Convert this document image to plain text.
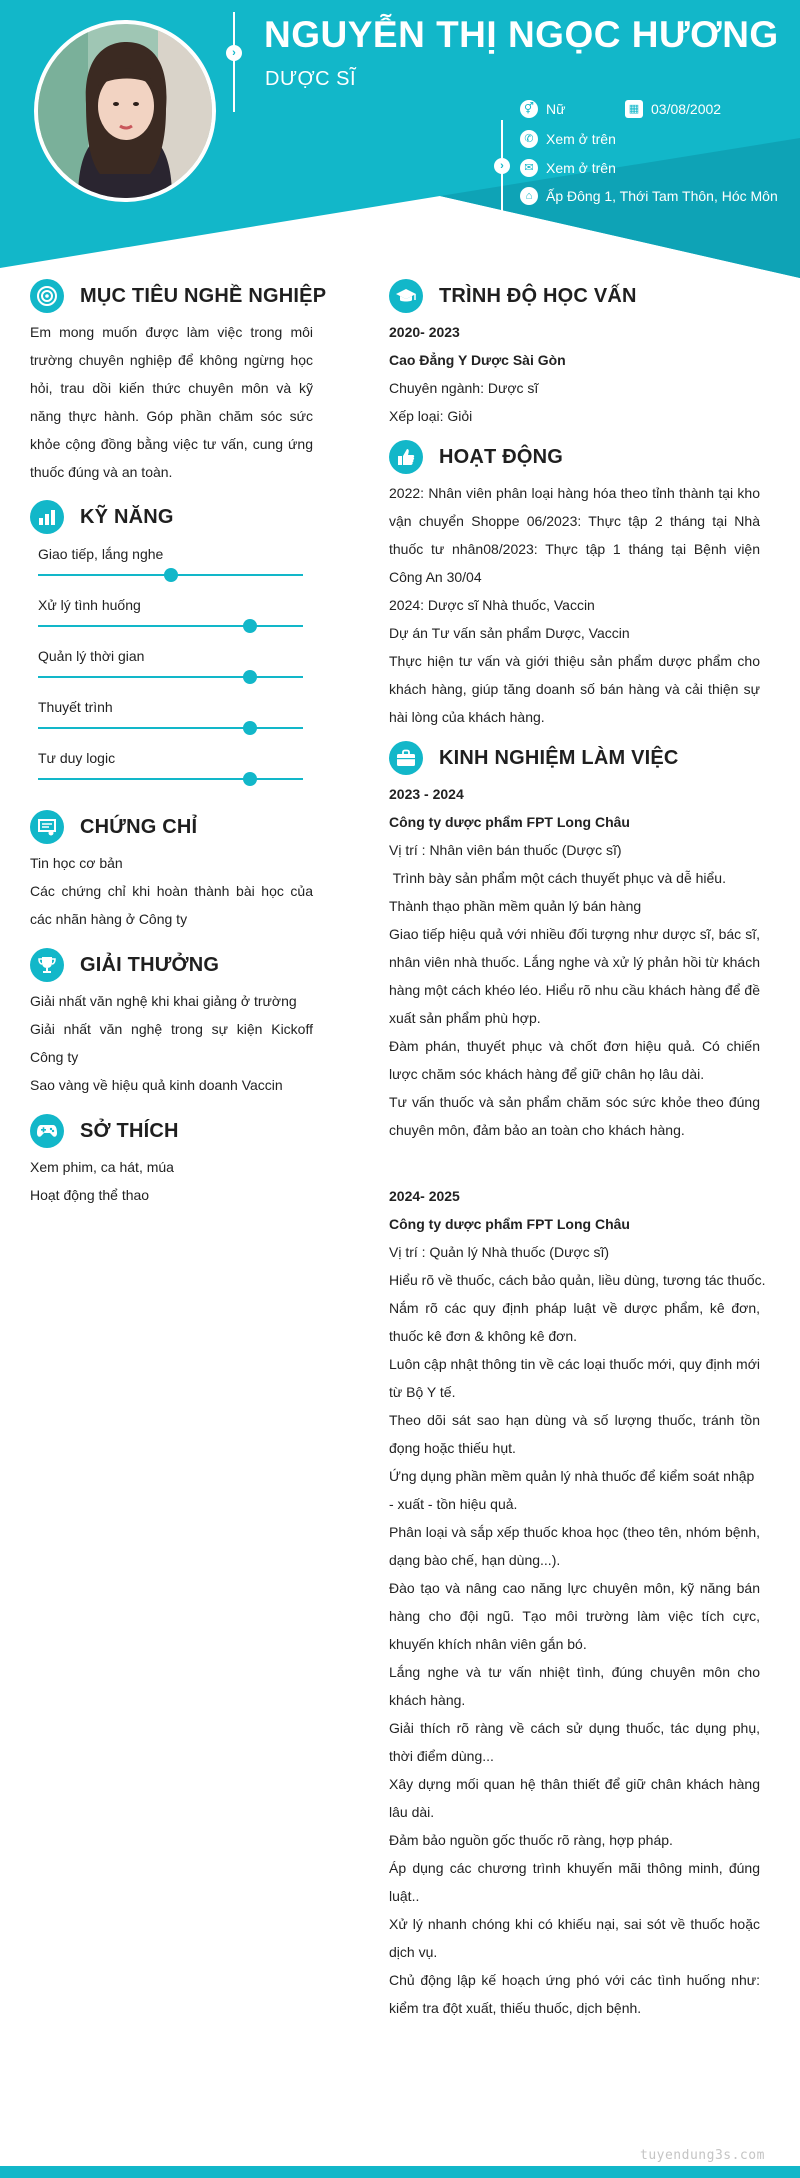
› NGUYỄN THỊ NGỌC HƯƠNG
DƯỢC SĨ
›
⚥ Nữ	▦ 03/08/2002
✆ Xem ở trên
✉ Xem ở trên
⌂ Ấp Đông 1, Thới Tam Thôn, Hóc Môn
MỤC TIÊU NGHỀ NGHIỆP
Em mong muốn được làm việc trong môi trường chuyên nghiệp để không ngừng học hỏi, trau dồi kiến thức chuyên môn và kỹ năng thực hành. Góp phần chăm sóc sức khỏe cộng đồng bằng việc tư vấn, cung ứng thuốc đúng và an toàn.
KỸ NĂNG
Giao tiếp, lắng nghe
Xử lý tình huống
Quản lý thời gian
Thuyết trình
Tư duy logic
CHỨNG CHỈ
Tin học cơ bản
Các chứng chỉ khi hoàn thành bài học của các nhãn hàng ở Công ty
GIẢI THƯỞNG
Giải nhất văn nghệ khi khai giảng ở trường
Giải nhất văn nghệ trong sự kiện Kickoff Công ty
Sao vàng về hiệu quả kinh doanh Vaccin
SỞ THÍCH
Xem phim, ca hát, múa
Hoạt động thể thao
TRÌNH ĐỘ HỌC VẤN
2020- 2023
Cao Đẳng Y Dược Sài Gòn
Chuyên ngành: Dược sĩ
Xếp loại: Giỏi
HOẠT ĐỘNG
2022: Nhân viên phân loại hàng hóa theo tỉnh thành tại kho vận chuyển Shoppe 06/2023: Thực tập 2 tháng tại Nhà thuốc tư nhân08/2023: Thực tập 1 tháng tại Bệnh viện Công An 30/04
2024: Dược sĩ Nhà thuốc, Vaccin
Dự án Tư vấn sản phẩm Dược, Vaccin
Thực hiện tư vấn và giới thiệu sản phẩm dược phẩm cho khách hàng, giúp tăng doanh số bán hàng và cải thiện sự hài lòng của khách hàng.
KINH NGHIỆM LÀM VIỆC
2023 - 2024
Công ty dược phẩm FPT Long Châu
Vị trí : Nhân viên bán thuốc (Dược sĩ)
Trình bày sản phẩm một cách thuyết phục và dễ hiểu.
Thành thạo phần mềm quản lý bán hàng
Giao tiếp hiệu quả với nhiều đối tượng như dược sĩ, bác sĩ, nhân viên nhà thuốc. Lắng nghe và xử lý phản hồi từ khách hàng một cách khéo léo. Hiểu rõ nhu cầu khách hàng để đề xuất sản phẩm phù hợp.
Đàm phán, thuyết phục và chốt đơn hiệu quả. Có chiến lược chăm sóc khách hàng để giữ chân họ lâu dài.
Tư vấn thuốc và sản phẩm chăm sóc sức khỏe theo đúng chuyên môn, đảm bảo an toàn cho khách hàng.
2024- 2025
Công ty dược phẩm FPT Long Châu
Vị trí : Quản lý Nhà thuốc (Dược sĩ)
Hiểu rõ về thuốc, cách bảo quản, liều dùng, tương tác thuốc.
Nắm rõ các quy định pháp luật về dược phẩm, kê đơn, thuốc kê đơn & không kê đơn.
Luôn cập nhật thông tin về các loại thuốc mới, quy định mới từ Bộ Y tế.
Theo dõi sát sao hạn dùng và số lượng thuốc, tránh tồn đọng hoặc thiếu hụt.
Ứng dụng phần mềm quản lý nhà thuốc để kiểm soát nhập - xuất - tồn hiệu quả.
Phân loại và sắp xếp thuốc khoa học (theo tên, nhóm bệnh, dạng bào chế, hạn dùng...).
Đào tạo và nâng cao năng lực chuyên môn, kỹ năng bán hàng cho đội ngũ. Tạo môi trường làm việc tích cực, khuyến khích nhân viên gắn bó.
Lắng nghe và tư vấn nhiệt tình, đúng chuyên môn cho khách hàng.
Giải thích rõ ràng về cách sử dụng thuốc, tác dụng phụ, thời điểm dùng...
Xây dựng mối quan hệ thân thiết để giữ chân khách hàng lâu dài.
Đảm bảo nguồn gốc thuốc rõ ràng, hợp pháp.
Áp dụng các chương trình khuyến mãi thông minh, đúng luật..
Xử lý nhanh chóng khi có khiếu nại, sai sót về thuốc hoặc dịch vụ.
Chủ động lập kế hoạch ứng phó với các tình huống như: kiểm tra đột xuất, thiếu thuốc, dịch bệnh.
tuyendung3s.com
